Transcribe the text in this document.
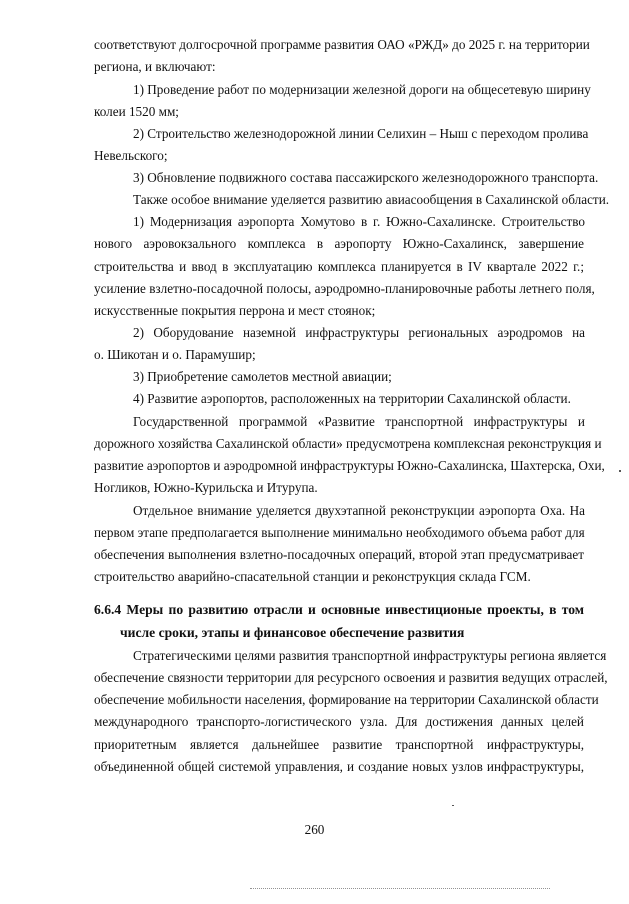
соответствуют долгосрочной программе развития ОАО «РЖД» до 2025 г. на территории
региона, и включают:
1) Проведение работ по модернизации железной дороги на общесетевую ширину
колеи 1520 мм;
2) Строительство железнодорожной линии Селихин – Ныш с переходом пролива
Невельского;
3) Обновление подвижного состава пассажирского железнодорожного транспорта.
Также особое внимание уделяется развитию авиасообщения в Сахалинской области.
1) Модернизация аэропорта Хомутово в г. Южно-Сахалинске. Строительство
нового аэровокзального комплекса в аэропорту Южно-Сахалинск, завершение
строительства и ввод в эксплуатацию комплекса планируется в IV квартале 2022 г.;
усиление взлетно-посадочной полосы, аэродромно-планировочные работы летнего поля,
искусственные покрытия перрона и мест стоянок;
2) Оборудование наземной инфраструктуры региональных аэродромов на
о. Шикотан и о. Парамушир;
3) Приобретение самолетов местной авиации;
4) Развитие аэропортов, расположенных на территории Сахалинской области.
Государственной программой «Развитие транспортной инфраструктуры и
дорожного хозяйства Сахалинской области» предусмотрена комплексная реконструкция и
развитие аэропортов и аэродромной инфраструктуры Южно-Сахалинска, Шахтерска, Охи,
Ногликов, Южно-Курильска и Итурупа.
Отдельное внимание уделяется двухэтапной реконструкции аэропорта Оха. На
первом этапе предполагается выполнение минимально необходимого объема работ для
обеспечения выполнения взлетно-посадочных операций, второй этап предусматривает
строительство аварийно-спасательной станции и реконструкция склада ГСМ.
6.6.4 Меры по развитию отрасли и основные инвестиционые проекты, в том
числе сроки, этапы и финансовое обеспечение развития
Стратегическими целями развития транспортной инфраструктуры региона является
обеспечение связности территории для ресурсного освоения и развития ведущих отраслей,
обеспечение мобильности населения, формирование на территории Сахалинской области
международного транспорто-логистического узла. Для достижения данных целей
приоритетным является дальнейшее развитие транспортной инфраструктуры,
объединенной общей системой управления, и создание новых узлов инфраструктуры,
260
